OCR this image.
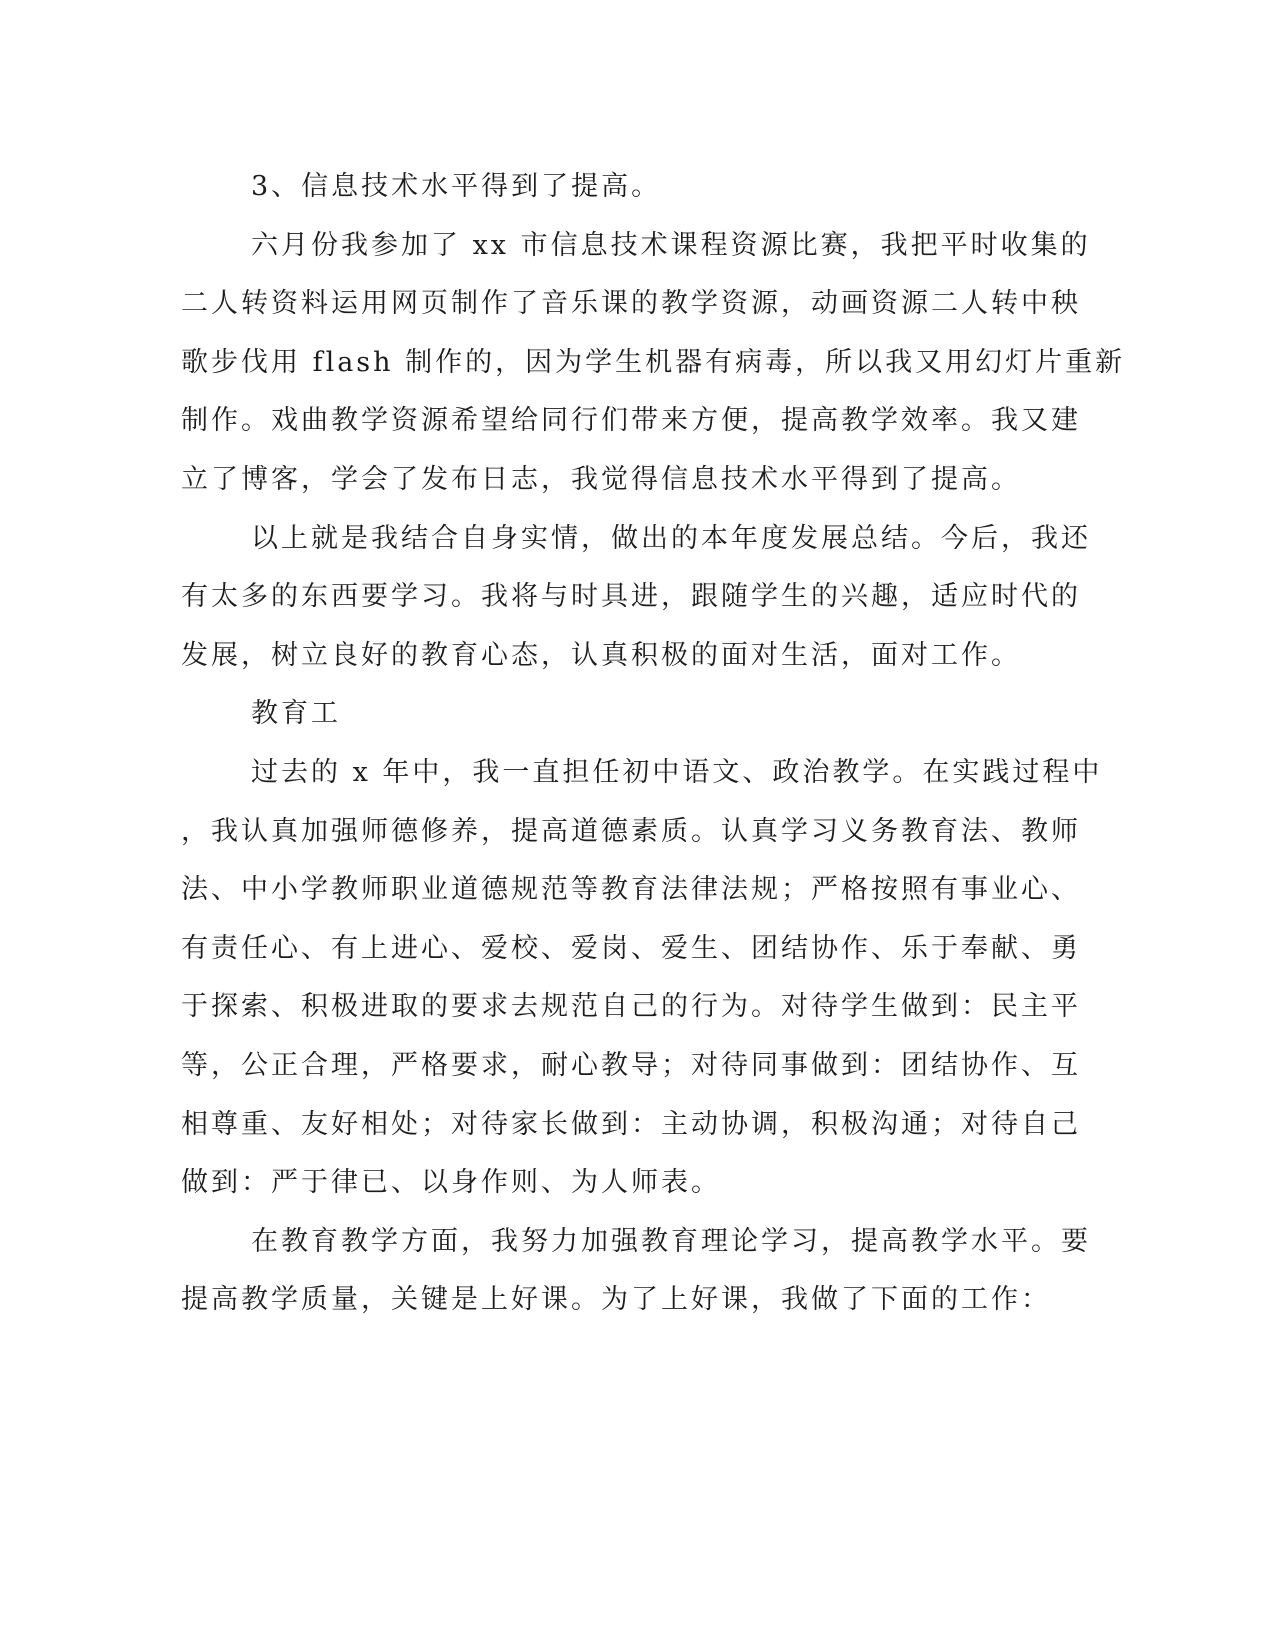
3、信息技术水平得到了提高。
六月份我参加了 xx 市信息技术课程资源比赛，我把平时收集的
二人转资料运用网页制作了音乐课的教学资源，动画资源二人转中秧
歌步伐用 flash 制作的，因为学生机器有病毒，所以我又用幻灯片重新
制作。戏曲教学资源希望给同行们带来方便，提高教学效率。我又建
立了博客，学会了发布日志，我觉得信息技术水平得到了提高。
以上就是我结合自身实情，做出的本年度发展总结。今后，我还
有太多的东西要学习。我将与时具进，跟随学生的兴趣，适应时代的
发展，树立良好的教育心态，认真积极的面对生活，面对工作。
教育工
过去的 x 年中，我一直担任初中语文、政治教学。在实践过程中
，我认真加强师德修养，提高道德素质。认真学习义务教育法、教师
法、中小学教师职业道德规范等教育法律法规；严格按照有事业心、
有责任心、有上进心、爱校、爱岗、爱生、团结协作、乐于奉献、勇
于探索、积极进取的要求去规范自己的行为。对待学生做到：民主平
等，公正合理，严格要求，耐心教导；对待同事做到：团结协作、互
相尊重、友好相处；对待家长做到：主动协调，积极沟通；对待自己
做到：严于律已、以身作则、为人师表。
在教育教学方面，我努力加强教育理论学习，提高教学水平。要
提高教学质量，关键是上好课。为了上好课，我做了下面的工作：
